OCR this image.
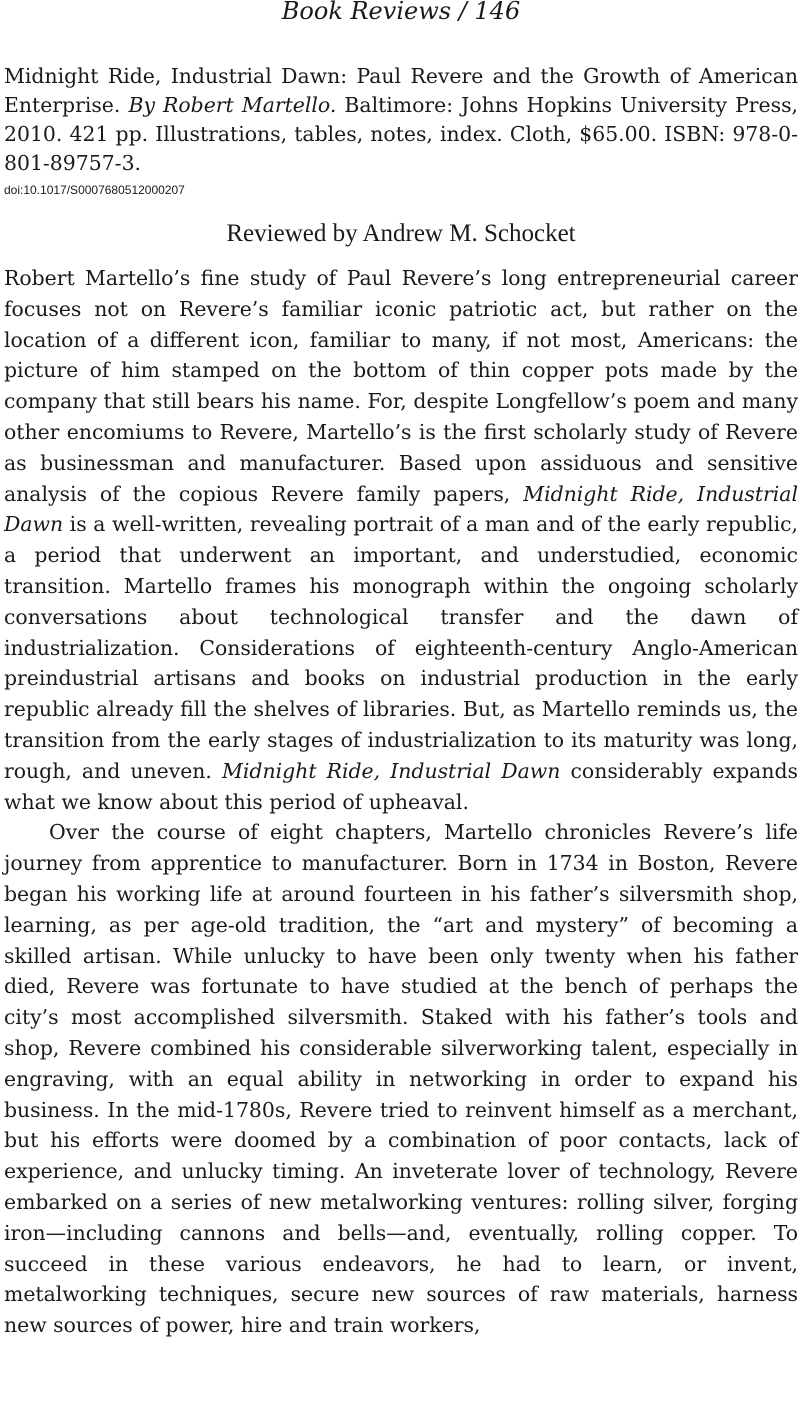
Book Reviews / 146
Midnight Ride, Industrial Dawn: Paul Revere and the Growth of American Enterprise. By Robert Martello. Baltimore: Johns Hopkins University Press, 2010. 421 pp. Illustrations, tables, notes, index. Cloth, $65.00. ISBN: 978-0-801-89757-3.
doi:10.1017/S0007680512000207
Reviewed by Andrew M. Schocket

Robert Martello’s fine study of Paul Revere’s long entrepreneurial career focuses not on Revere’s familiar iconic patriotic act, but rather on the location of a different icon, familiar to many, if not most, Americans: the picture of him stamped on the bottom of thin copper pots made by the company that still bears his name. For, despite Longfellow’s poem and many other encomiums to Revere, Martello’s is the first scholarly study of Revere as businessman and manufacturer. Based upon assiduous and sensitive analysis of the copious Revere family papers, Midnight Ride, Industrial Dawn is a well-written, revealing portrait of a man and of the early republic, a period that underwent an important, and understudied, economic transition. Martello frames his monograph within the ongoing scholarly conversations about technological transfer and the dawn of industrialization. Considerations of eighteenth-century Anglo-American preindustrial artisans and books on industrial production in the early republic already fill the shelves of libraries. But, as Martello reminds us, the transition from the early stages of industrialization to its maturity was long, rough, and uneven. Midnight Ride, Industrial Dawn considerably expands what we know about this period of upheaval.

Over the course of eight chapters, Martello chronicles Revere’s life journey from apprentice to manufacturer. Born in 1734 in Boston, Revere began his working life at around fourteen in his father’s silversmith shop, learning, as per age-old tradition, the “art and mystery” of becoming a skilled artisan. While unlucky to have been only twenty when his father died, Revere was fortunate to have studied at the bench of perhaps the city’s most accomplished silversmith. Staked with his father’s tools and shop, Revere combined his considerable silverworking talent, especially in engraving, with an equal ability in networking in order to expand his business. In the mid-1780s, Revere tried to reinvent himself as a merchant, but his efforts were doomed by a combination of poor contacts, lack of experience, and unlucky timing. An inveterate lover of technology, Revere embarked on a series of new metalworking ventures: rolling silver, forging iron—including cannons and bells—and, eventually, rolling copper. To succeed in these various endeavors, he had to learn, or invent, metalworking techniques, secure new sources of raw materials, harness new sources of power, hire and train workers,
